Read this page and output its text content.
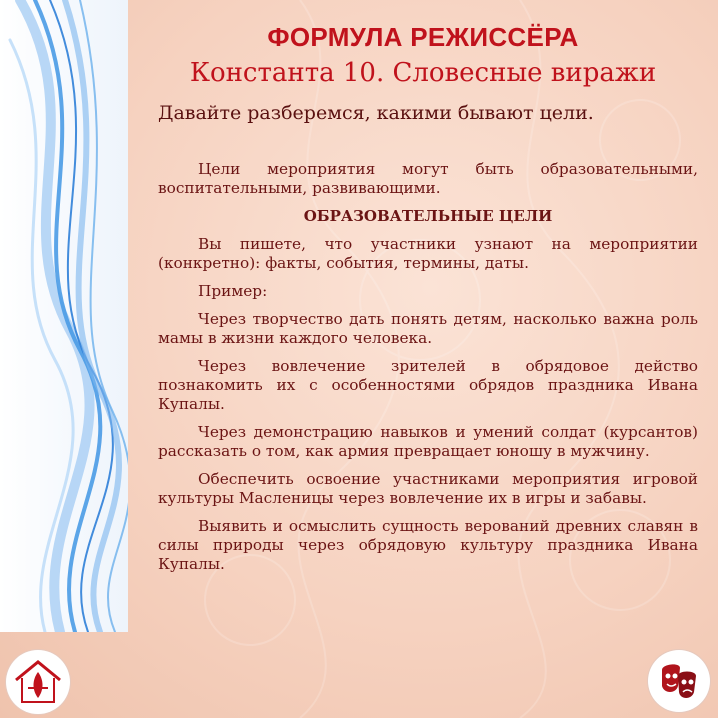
ФОРМУЛА РЕЖИССЁРА
Константа 10. Словесные виражи
Давайте разберемся, какими бывают цели.

Цели мероприятия могут быть образовательными, воспитательными, развивающими.

ОБРАЗОВАТЕЛЬНЫЕ ЦЕЛИ

Вы пишете, что участники узнают на мероприятии (конкретно): факты, события, термины, даты.

Пример:

Через творчество дать понять детям, насколько важна роль мамы в жизни каждого человека.

Через вовлечение зрителей в обрядовое действо познакомить их с особенностями обрядов праздника Ивана Купалы.

Через демонстрацию навыков и умений солдат (курсантов) рассказать о том, как армия превращает юношу в мужчину.

Обеспечить освоение участниками мероприятия игровой культуры Масленицы через вовлечение их в игры и забавы.

Выявить и осмыслить сущность верований древних славян в силы природы через обрядовую культуру праздника Ивана Купалы.
